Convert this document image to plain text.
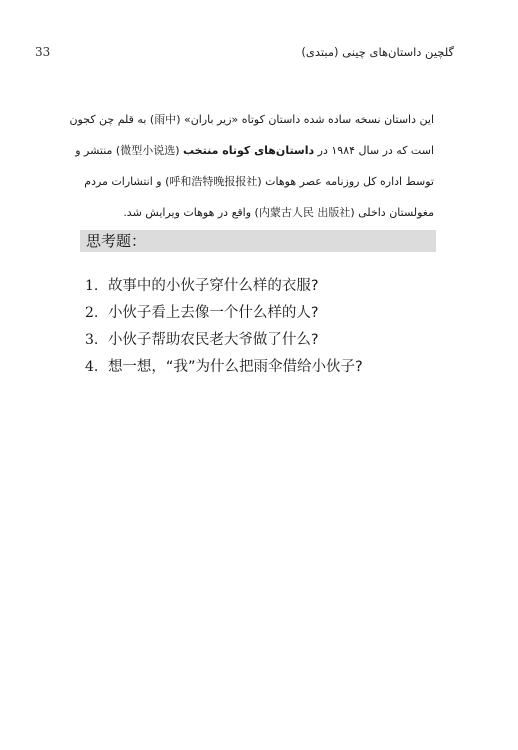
33	گلچین داستان‌های چینی (مبتدی)
این داستان نسخه ساده شده داستان کوتاه «زیر باران» (雨中) به قلم چن کجون
است که در سال ۱۹۸۴ در داستان‌های کوتاه منتخب (微型小说选) منتشر و
توسط اداره کل روزنامه عصر هوهات (呼和浩特晚报报社) و انتشارات مردم
مغولستان داخلی (内蒙古人民 出版社) واقع در هوهات ویرایش شد.
思考题：
1. 故事中的小伙子穿什么样的衣服?
2. 小伙子看上去像一个什么样的人?
3. 小伙子帮助农民老大爷做了什么?
4. 想一想，“我”为什么把雨伞借给小伙子?
